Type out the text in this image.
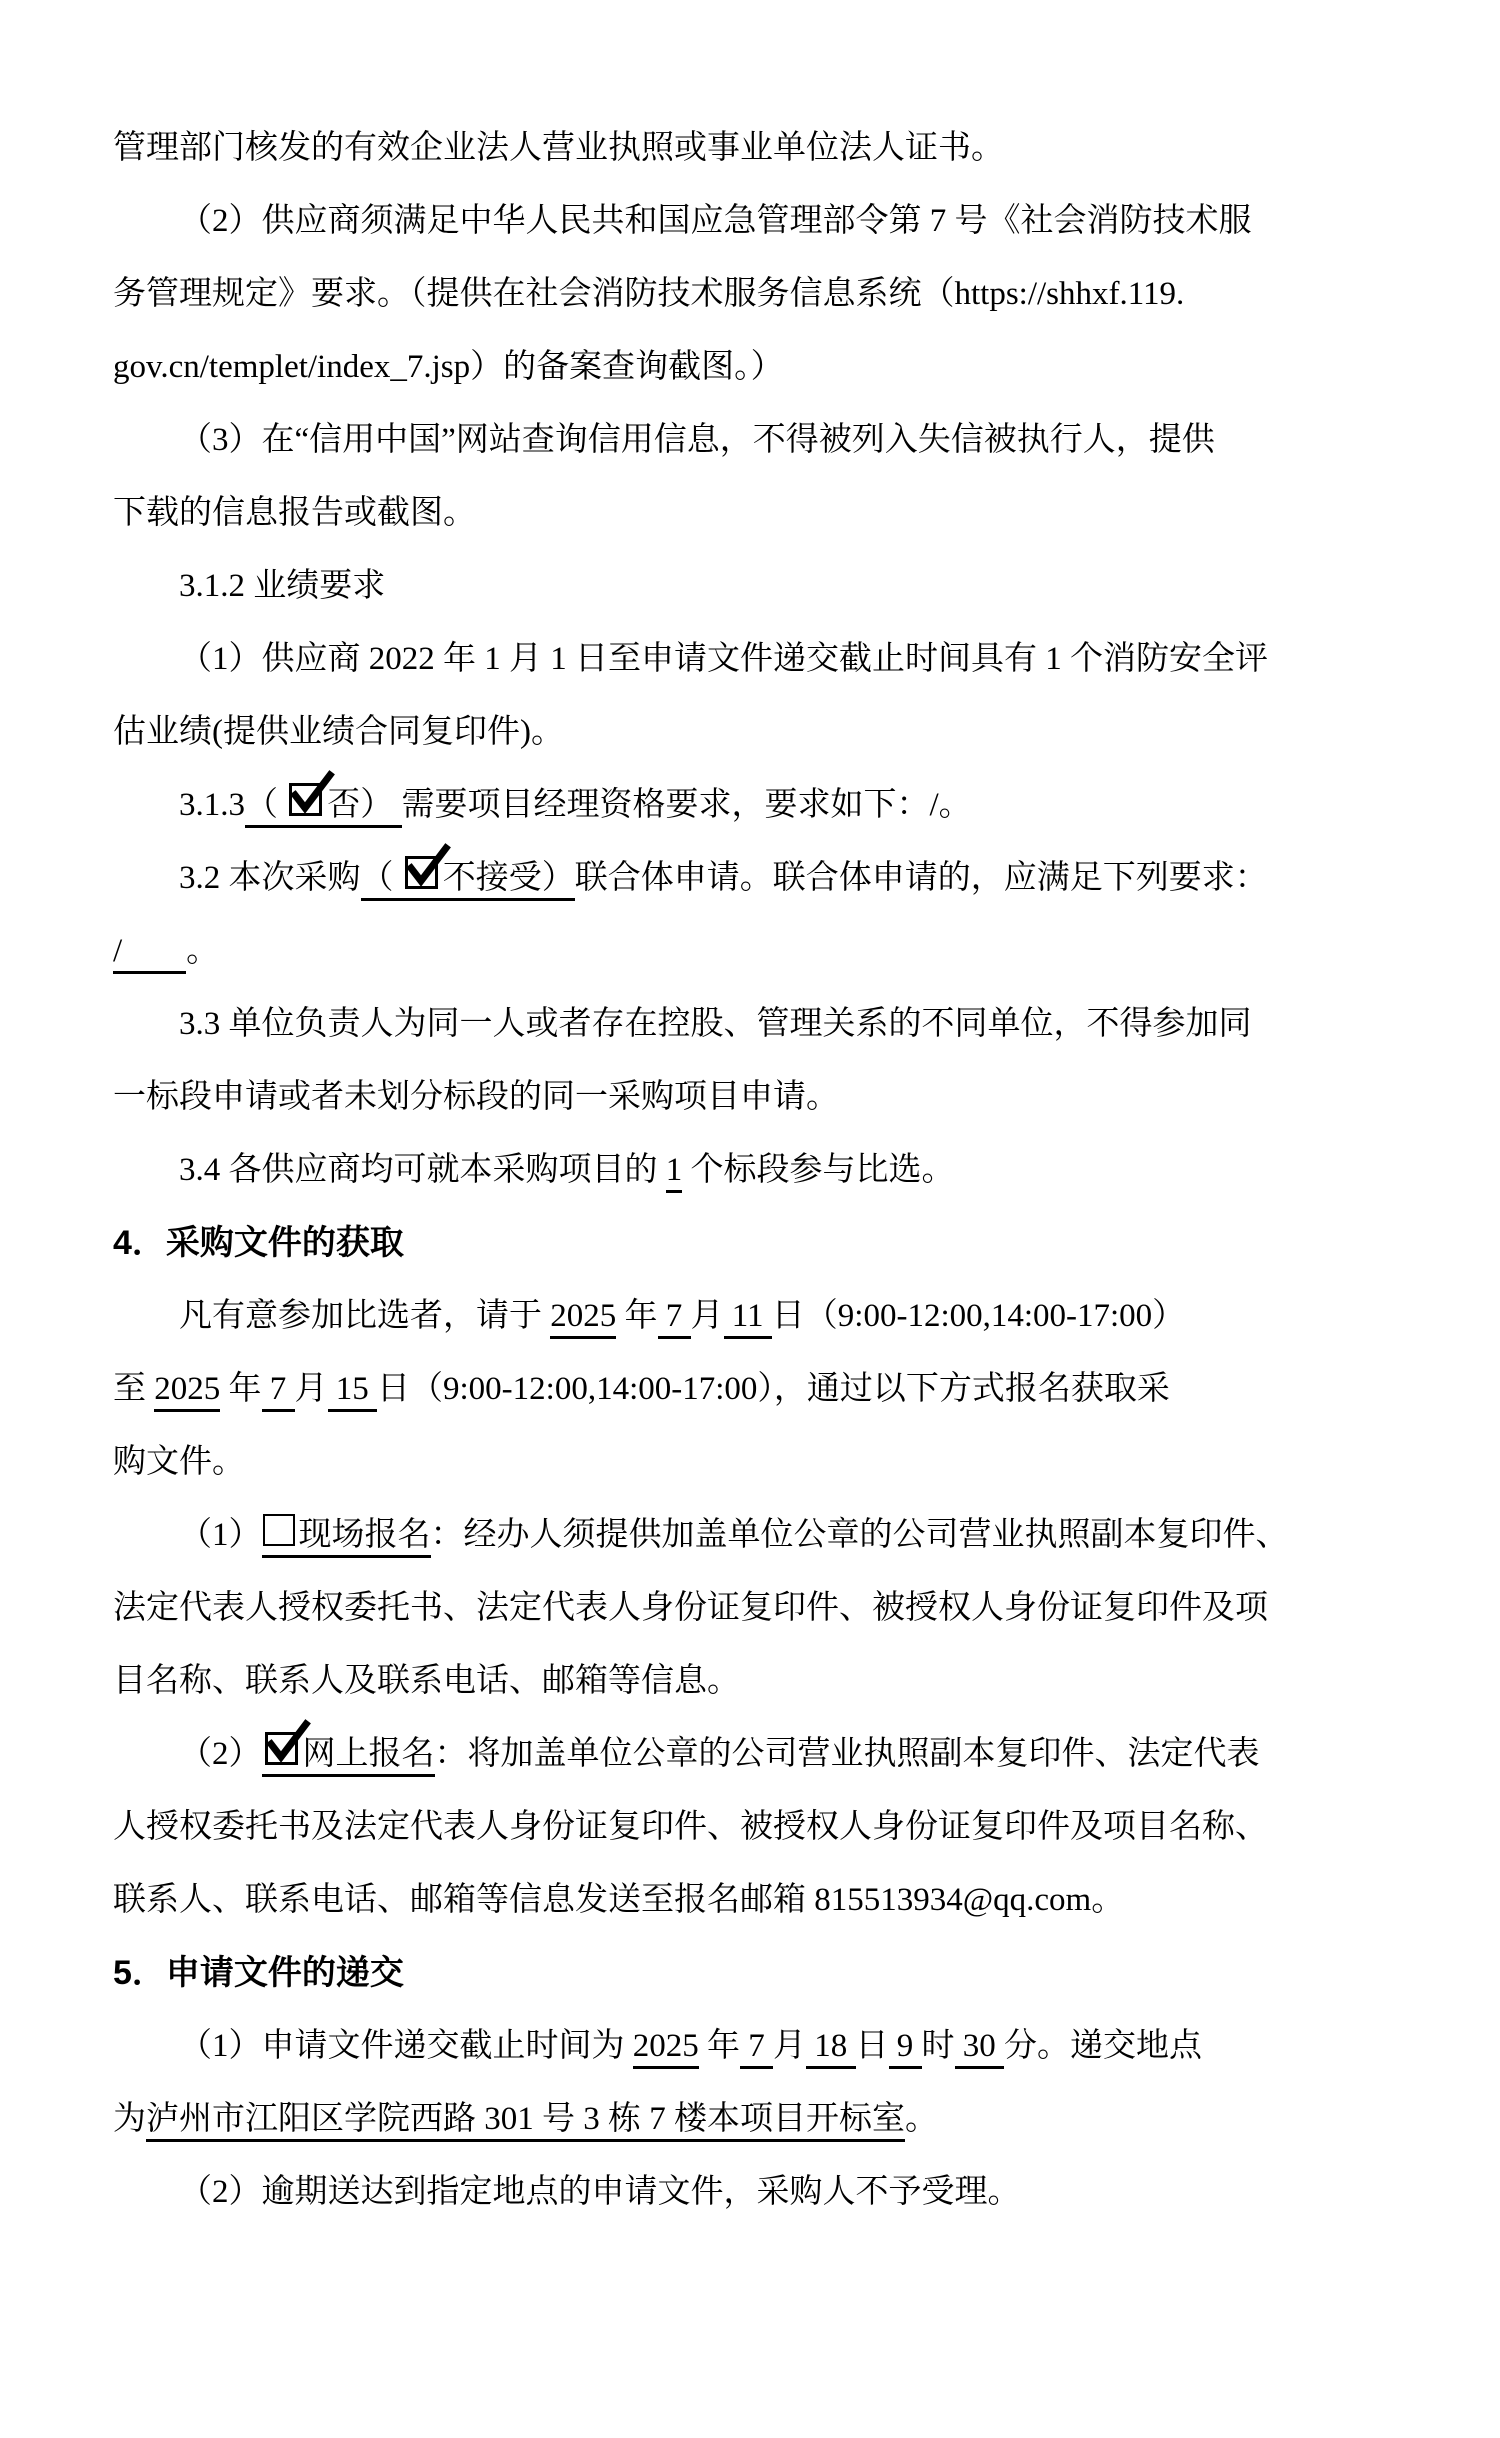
管理部门核发的有效企业法人营业执照或事业单位法人证书。
（2）供应商须满足中华人民共和国应急管理部令第 7 号《社会消防技术服
务管理规定》要求。（提供在社会消防技术服务信息系统（https://shhxf.119.
gov.cn/templet/index_7.jsp）的备案查询截图。）
（3）在“信用中国”网站查询信用信息，不得被列入失信被执行人，提供
下载的信息报告或截图。
3.1.2 业绩要求
（1）供应商 2022 年 1 月 1 日至申请文件递交截止时间具有 1 个消防安全评
估业绩(提供业绩合同复印件)。
3.1.3（
否） 需要项目经理资格要求，要求如下：/。
3.2 本次采购（
不接受）联合体申请。联合体申请的，应满足下列要求：
/ 。
3.3 单位负责人为同一人或者存在控股、管理关系的不同单位，不得参加同
一标段申请或者未划分标段的同一采购项目申请。
3.4 各供应商均可就本采购项目的 1 个标段参与比选。
4．采购文件的获取
凡有意参加比选者，请于 2025 年 7 月 11 日（9:00-12:00,14:00-17:00）
至 2025 年 7 月 15 日（9:00-12:00,14:00-17:00），通过以下方式报名获取采
购文件。
（1） 现场报名：经办人须提供加盖单位公章的公司营业执照副本复印件、
法定代表人授权委托书、法定代表人身份证复印件、被授权人身份证复印件及项
目名称、联系人及联系电话、邮箱等信息。
（2） 网上报名：将加盖单位公章的公司营业执照副本复印件、法定代表
人授权委托书及法定代表人身份证复印件、被授权人身份证复印件及项目名称、
联系人、联系电话、邮箱等信息发送至报名邮箱 815513934@qq.com。
5．申请文件的递交
（1）申请文件递交截止时间为 2025 年 7 月 18 日 9 时 30 分。递交地点
为泸州市江阳区学院西路 301 号 3 栋 7 楼本项目开标室。
（2）逾期送达到指定地点的申请文件，采购人不予受理。
